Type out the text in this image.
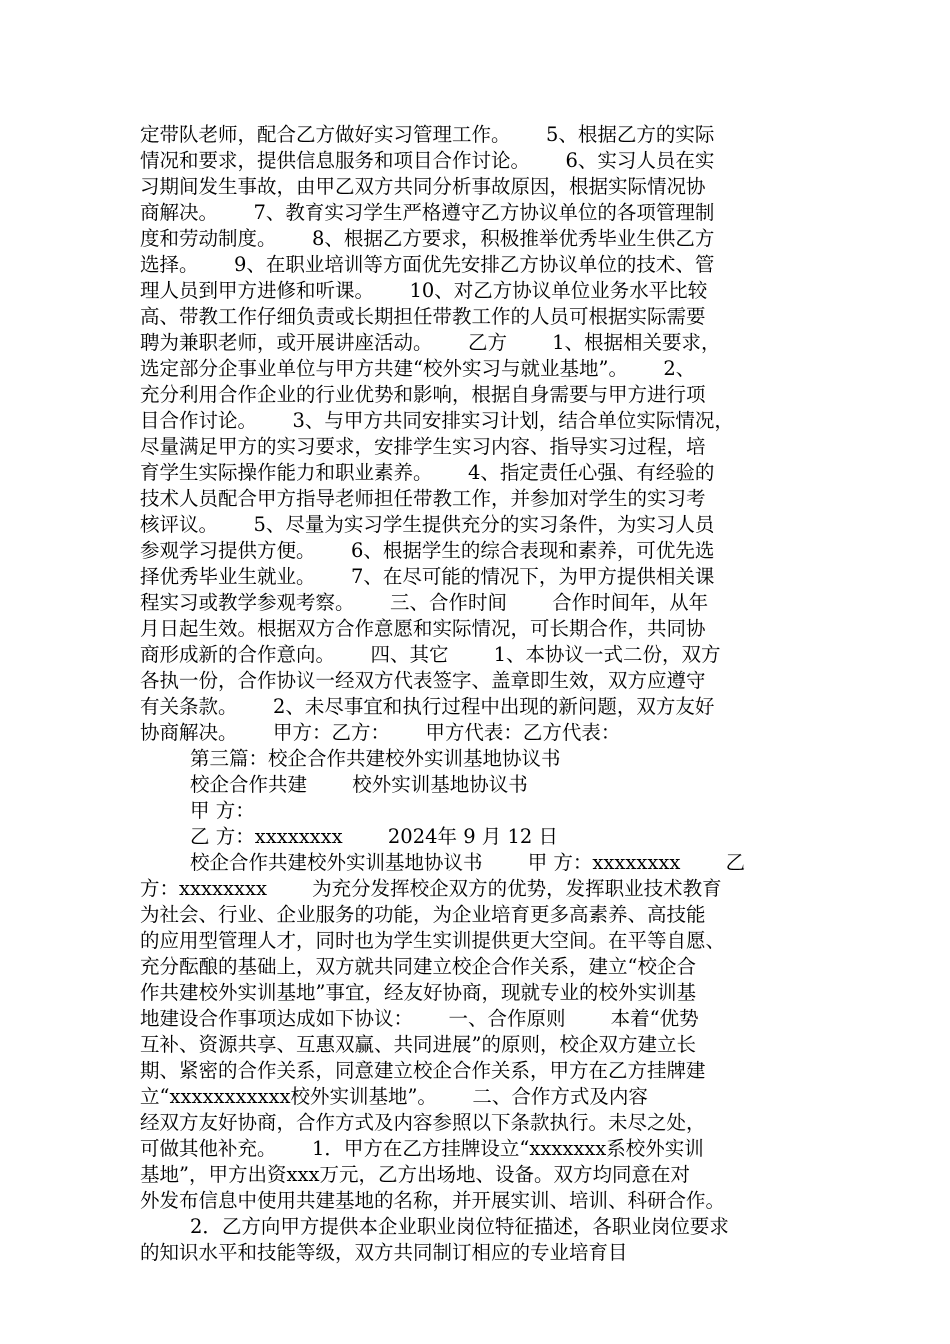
定带队老师，配合乙方做好实习管理工作。　　 5、根据乙方的实际
情况和要求，提供信息服务和项目合作讨论。　　 6、实习人员在实
习期间发生事故，由甲乙双方共同分析事故原因，根据实际情况协
商解决。　　 7、教育实习学生严格遵守乙方协议单位的各项管理制
度和劳动制度。　　 8、根据乙方要求，积极推举优秀毕业生供乙方
选择。　　 9、在职业培训等方面优先安排乙方协议单位的技术、管
理人员到甲方进修和听课。　　 10、对乙方协议单位业务水平比较
高、带教工作仔细负责或长期担任带教工作的人员可根据实际需要
聘为兼职老师，或开展讲座活动。　　 乙方　　 1、根据相关要求，
选定部分企事业单位与甲方共建“校外实习与就业基地”。　　 2、
充分利用合作企业的行业优势和影响，根据自身需要与甲方进行项
目合作讨论。　　 3、与甲方共同安排实习计划，结合单位实际情况，
尽量满足甲方的实习要求，安排学生实习内容、指导实习过程，培
育学生实际操作能力和职业素养。　　 4、指定责任心强、有经验的
技术人员配合甲方指导老师担任带教工作，并参加对学生的实习考
核评议。　　 5、尽量为实习学生提供充分的实习条件，为实习人员
参观学习提供方便。　　 6、根据学生的综合表现和素养，可优先选
择优秀毕业生就业。　　 7、在尽可能的情况下，为甲方提供相关课
程实习或教学参观考察。　　 三、合作时间　　 合作时间年，从年
月日起生效。根据双方合作意愿和实际情况，可长期合作，共同协
商形成新的合作意向。　　 四、其它　　 1、本协议一式二份，双方
各执一份，合作协议一经双方代表签字、盖章即生效，双方应遵守
有关条款。　　 2、未尽事宜和执行过程中出现的新问题，双方友好
协商解决。　　 甲方：乙方：　　 甲方代表：乙方代表：
第三篇：校企合作共建校外实训基地协议书
校企合作共建　　 校外实训基地协议书
甲 方：
乙 方：xxxxxxxx　　 2024年 9 月 12 日
校企合作共建校外实训基地协议书　　 甲 方：xxxxxxxx　　 乙
方：xxxxxxxx　　 为充分发挥校企双方的优势，发挥职业技术教育
为社会、行业、企业服务的功能，为企业培育更多高素养、高技能
的应用型管理人才，同时也为学生实训提供更大空间。在平等自愿、
充分酝酿的基础上，双方就共同建立校企合作关系，建立“校企合
作共建校外实训基地”事宜，经友好协商，现就专业的校外实训基
地建设合作事项达成如下协议：　　 一、合作原则　　 本着“优势
互补、资源共享、互惠双赢、共同进展”的原则，校企双方建立长
期、紧密的合作关系，同意建立校企合作关系，甲方在乙方挂牌建
立“xxxxxxxxxxx校外实训基地”。　　 二、合作方式及内容
经双方友好协商，合作方式及内容参照以下条款执行。未尽之处，
可做其他补充。　　 1．甲方在乙方挂牌设立“xxxxxxx系校外实训
基地”，甲方出资xxx万元，乙方出场地、设备。双方均同意在对
外发布信息中使用共建基地的名称，并开展实训、培训、科研合作。
2．乙方向甲方提供本企业职业岗位特征描述，各职业岗位要求
的知识水平和技能等级，双方共同制订相应的专业培育目
